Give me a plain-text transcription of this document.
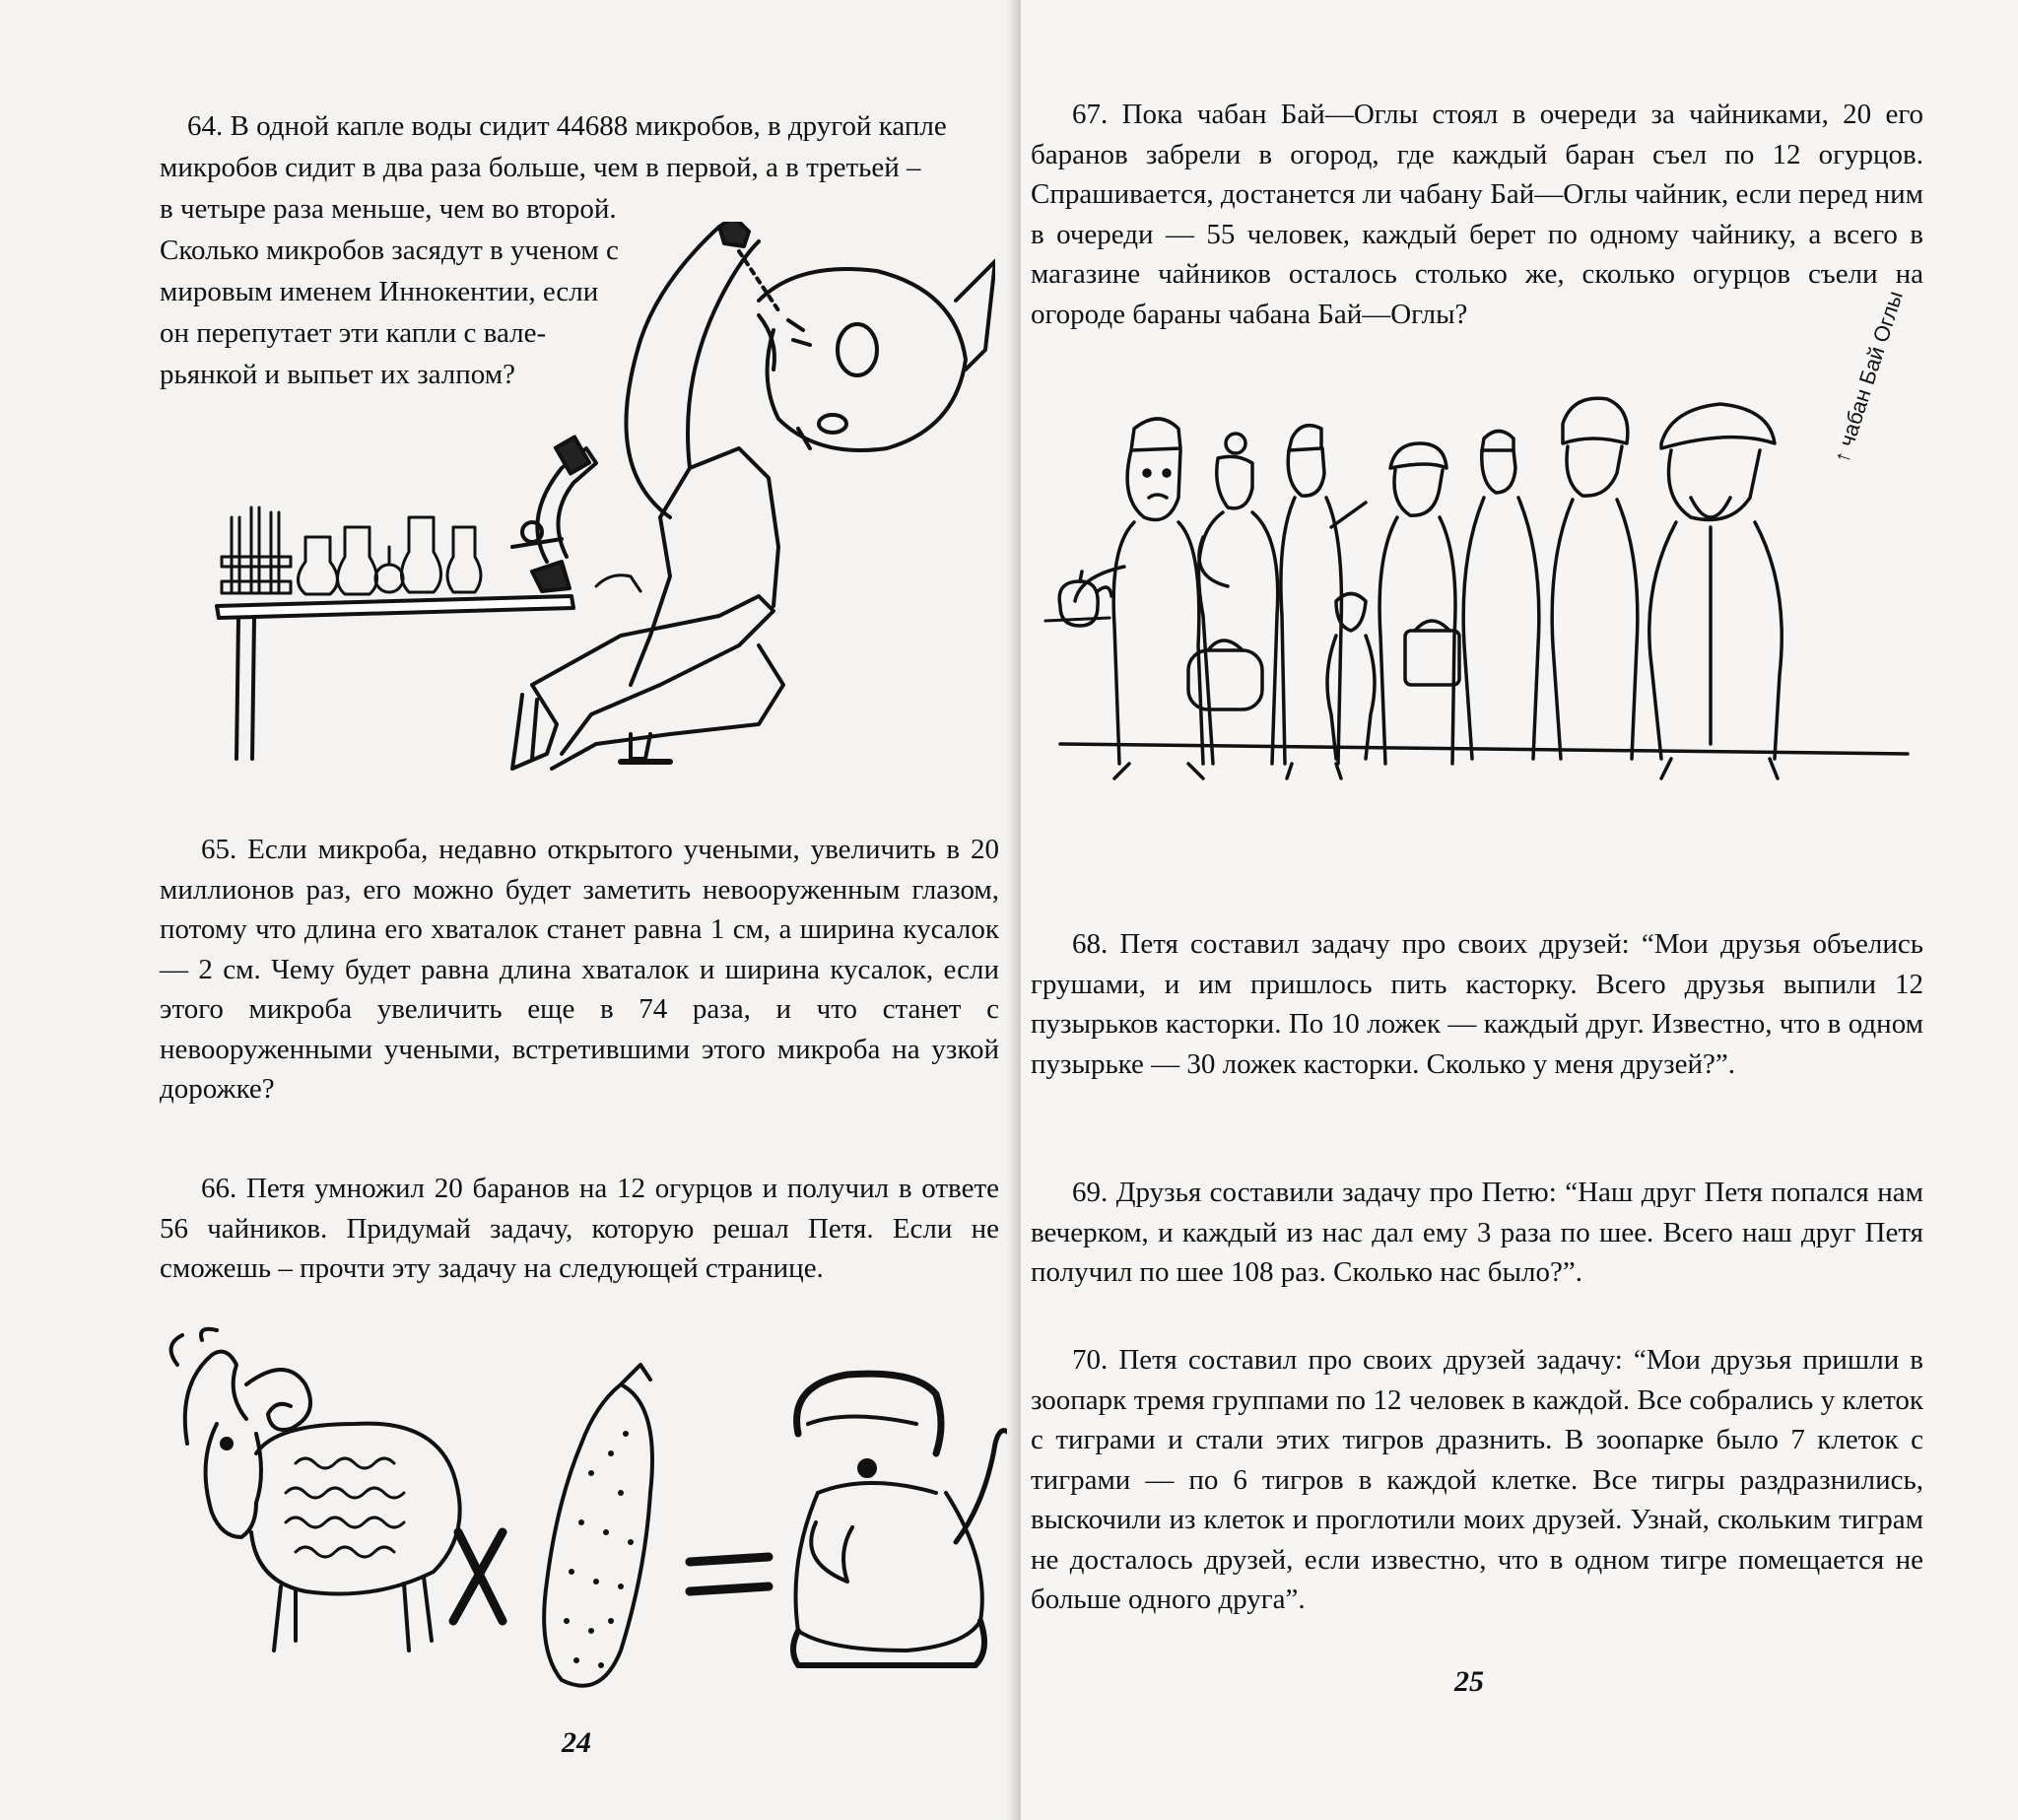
64. В одной капле воды сидит 44688 микробов, в другой капле
микробов сидит в два раза больше, чем в первой, а в третьей –
в четыре раза меньше, чем во второй.
Сколько микробов засядут в ученом с
мировым именем Иннокентии, если
он перепутает эти капли с вале-
рьянкой и выпьет их залпом?
65. Если микроба, недавно открытого учеными, увеличить в 20 миллионов раз, его можно будет заметить невооруженным глазом, потому что длина его хваталок станет равна 1 см, а ширина кусалок — 2 см. Чему будет равна длина хваталок и ширина кусалок, если этого микроба увеличить еще в 74 раза, и что станет с невооруженными учеными, встретившими этого микроба на узкой дорожке?
66. Петя умножил 20 баранов на 12 огурцов и получил в ответе 56 чайников. Придумай задачу, которую решал Петя. Если не сможешь – прочти эту задачу на следующей странице.
24
67. Пока чабан Бай—Оглы стоял в очереди за чайниками, 20 его баранов забрели в огород, где каждый баран съел по 12 огурцов. Спрашивается, достанется ли чабану Бай—Оглы чайник, если перед ним в очереди — 55 человек, каждый берет по одному чайнику, а всего в магазине чайников осталось столько же, сколько огурцов съели на огороде бараны чабана Бай—Оглы?	↑ чабан Бай Оглы
68. Петя составил задачу про своих друзей: “Мои друзья объелись грушами, и им пришлось пить касторку. Всего друзья выпили 12 пузырьков касторки. По 10 ложек — каждый друг. Известно, что в одном пузырьке — 30 ложек касторки. Сколько у меня друзей?”.
69. Друзья составили задачу про Петю: “Наш друг Петя попался нам вечерком, и каждый из нас дал ему 3 раза по шее. Всего наш друг Петя получил по шее 108 раз. Сколько нас было?”.
70. Петя составил про своих друзей задачу: “Мои друзья пришли в зоопарк тремя группами по 12 человек в каждой. Все собрались у клеток с тиграми и стали этих тигров дразнить. В зоопарке было 7 клеток с тиграми — по 6 тигров в каждой клетке. Все тигры раздразнились, выскочили из клеток и проглотили моих друзей. Узнай, скольким тиграм не досталось друзей, если известно, что в одном тигре помещается не больше одного друга”.
25
